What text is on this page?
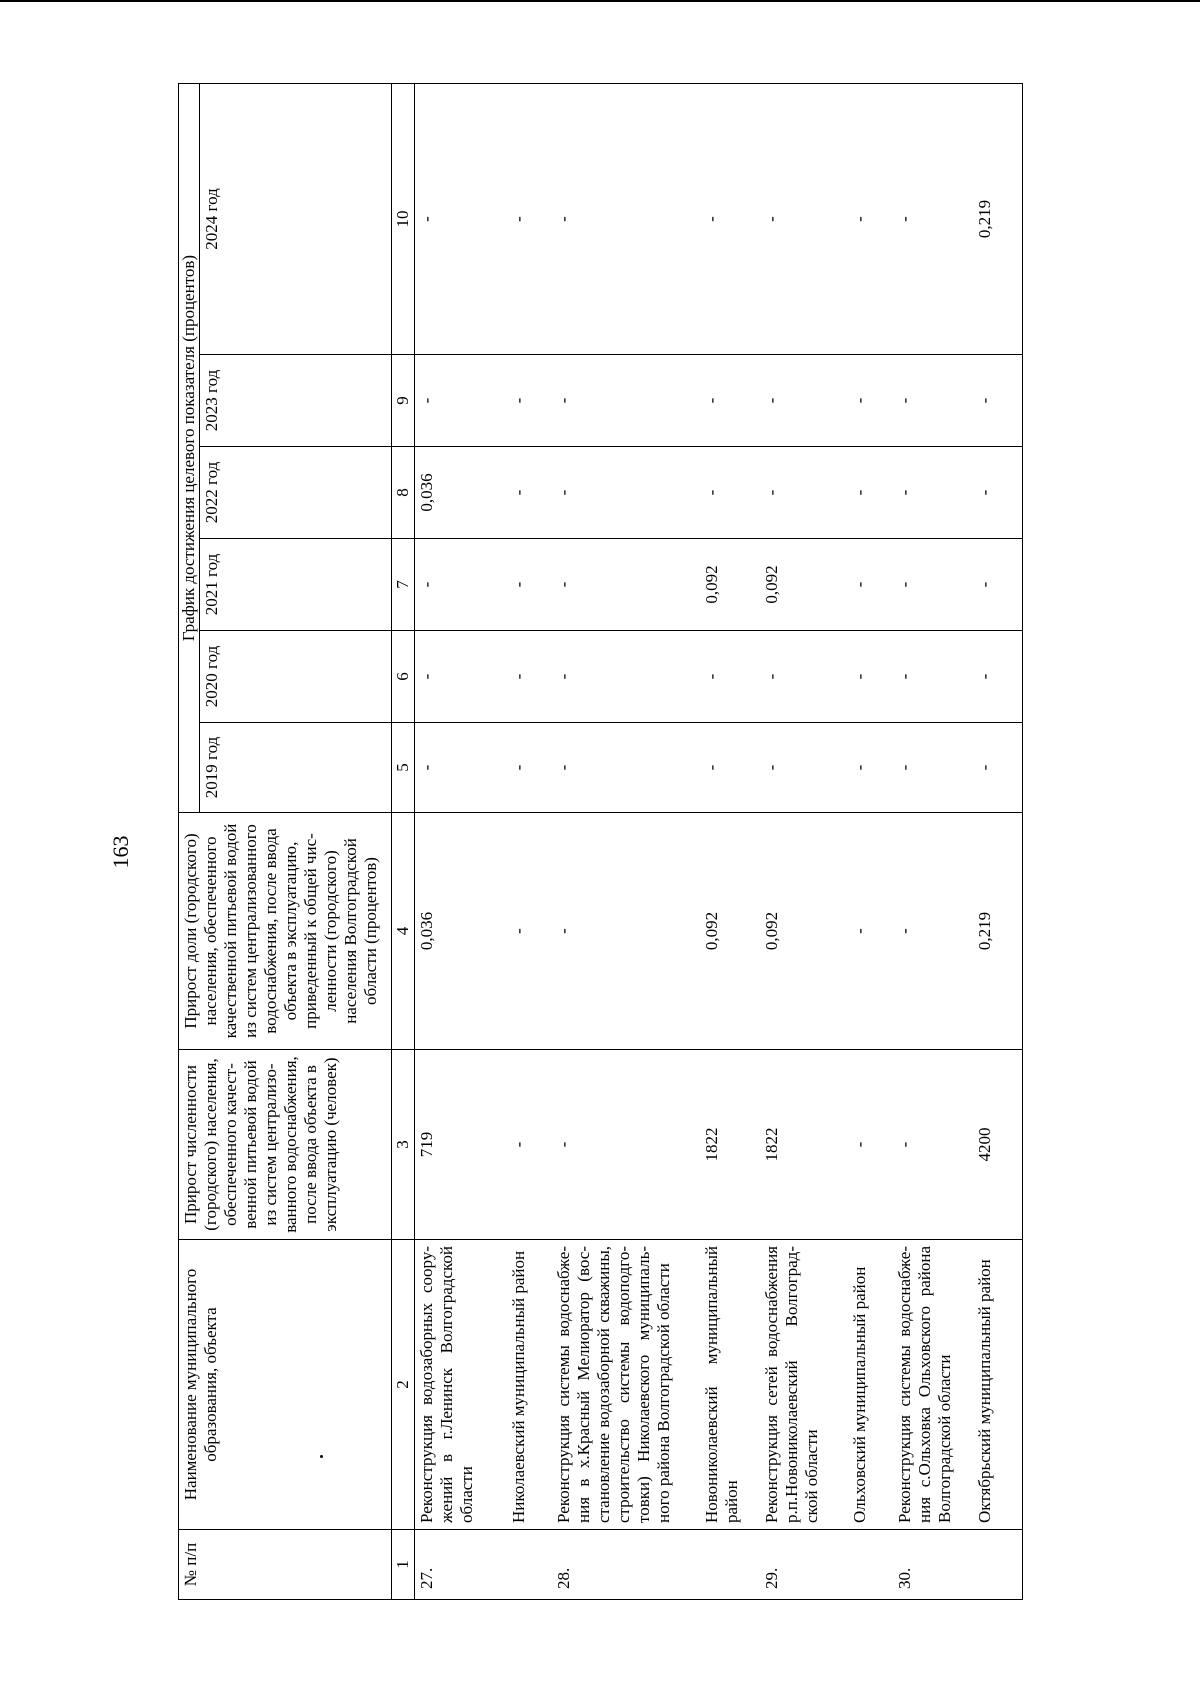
163
№ п/п	Наименование муниципального образования, объекта	Прирост численности (городского) населения, обеспеченного качест-венной питьевой водой из систем централизо-ванного водоснабжения, после ввода объекта в эксплуатацию (человек)	Прирост доли (городского) населения, обеспеченного качественной питьевой водой из систем централизованного водоснабжения, после ввода объекта в эксплуатацию, приведенный к общей чис-ленности (городского) населения Волгоградской области (процентов)	График достижения целевого показателя (процентов)					
				2019 год	2020 год	2021 год	2022 год	2023 год	2024 год
1	2	3	4	5	6	7	8	9	10
27.	Реконструкция водозаборных соору-жений в г.Ленинск Волгоградской области	719	0,036	-	-	-	0,036	-	-
	Николаевский муниципальный район	-	-	-	-	-	-	-	-
28.	Реконструкция системы водоснабже-ния в х.Красный Мелиоратор (вос-становление водозаборной скважины, строительство системы водоподго-товки) Николаевского муниципаль-ного района Волгоградской области	-	-	-	-	-	-	-	-
	Новониколаевский муниципальный район	1822	0,092	-	-	0,092	-	-	-
29.	Реконструкция сетей водоснабжения р.п.Новониколаевский Волгоград-ской области	1822	0,092	-	-	0,092	-	-	-
	Ольховский муниципальный район	-	-	-	-	-	-	-	-
30.	Реконструкция системы водоснабже-ния с.Ольховка Ольховского района Волгоградской области	-	-	-	-	-	-	-	-
	Октябрьский муниципальный район	4200	0,219	-	-	-	-	-	0,219
